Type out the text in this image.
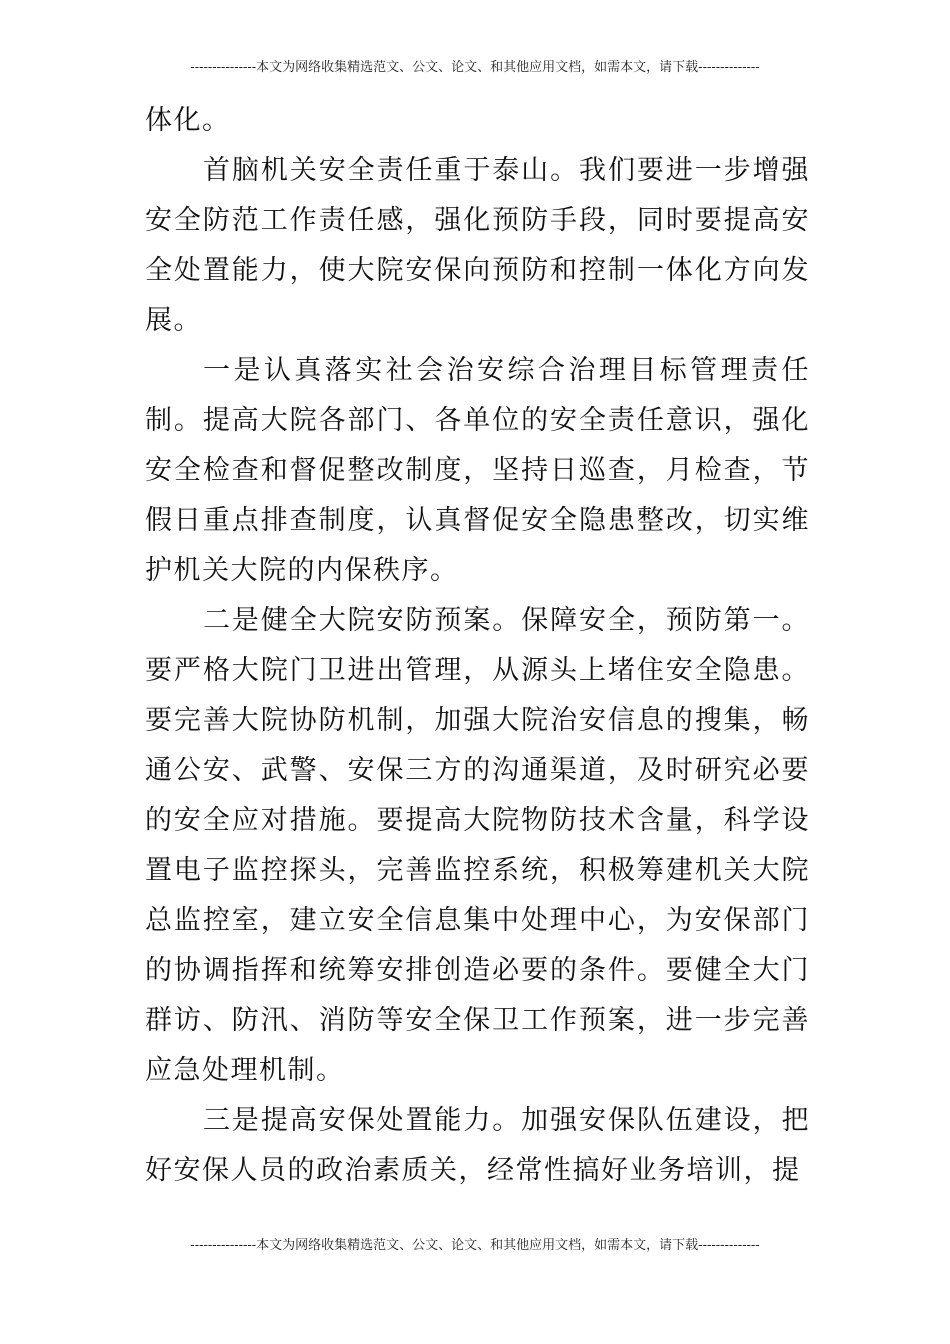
---------------本文为网络收集精选范文、公文、论文、和其他应用文档，如需本文，请下载--------------

体化。

首脑机关安全责任重于泰山。我们要进一步增强安全防范工作责任感，强化预防手段，同时要提高安全处置能力，使大院安保向预防和控制一体化方向发展。

一是认真落实社会治安综合治理目标管理责任制。提高大院各部门、各单位的安全责任意识，强化安全检查和督促整改制度，坚持日巡查，月检查，节假日重点排查制度，认真督促安全隐患整改，切实维护机关大院的内保秩序。

二是健全大院安防预案。保障安全，预防第一。要严格大院门卫进出管理，从源头上堵住安全隐患。要完善大院协防机制，加强大院治安信息的搜集，畅通公安、武警、安保三方的沟通渠道，及时研究必要的安全应对措施。要提高大院物防技术含量，科学设置电子监控探头，完善监控系统，积极筹建机关大院总监控室，建立安全信息集中处理中心，为安保部门的协调指挥和统筹安排创造必要的条件。要健全大门群访、防汛、消防等安全保卫工作预案，进一步完善应急处理机制。

三是提高安保处置能力。加强安保队伍建设，把好安保人员的政治素质关，经常性搞好业务培训，提

---------------本文为网络收集精选范文、公文、论文、和其他应用文档，如需本文，请下载--------------
